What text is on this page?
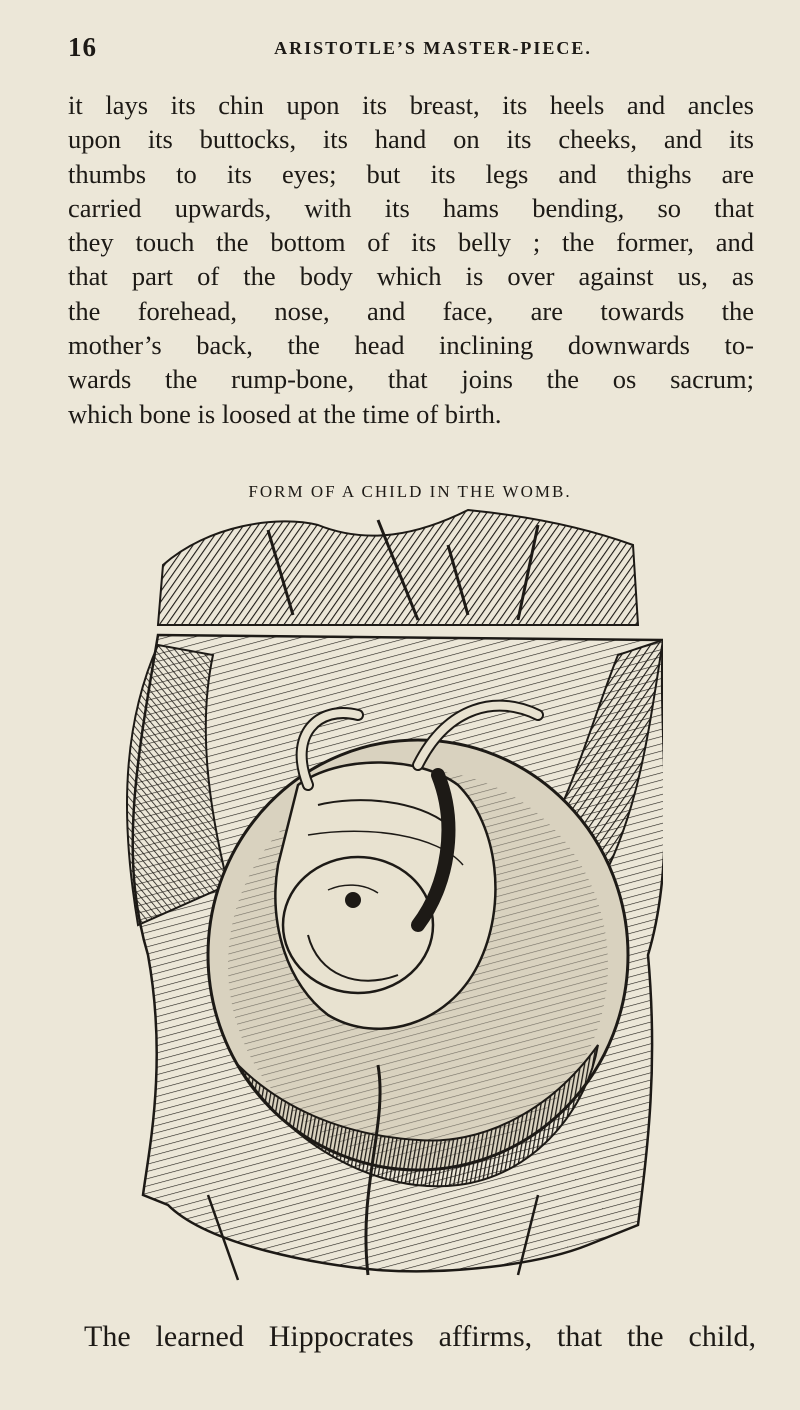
16	ARISTOTLE’S MASTER-PIECE.
it lays its chin upon its breast, its heels and ancles
upon its buttocks, its hand on its cheeks, and its
thumbs to its eyes; but its legs and thighs are
carried upwards, with its hams bending, so that
they touch the bottom of its belly ; the former, and
that part of the body which is over against us, as
the forehead, nose, and face, are towards the
mother’s back, the head inclining downwards to-
wards the rump-bone, that joins the os sacrum;
which bone is loosed at the time of birth.
FORM OF A CHILD IN THE WOMB.
The learned Hippocrates affirms, that the child,
